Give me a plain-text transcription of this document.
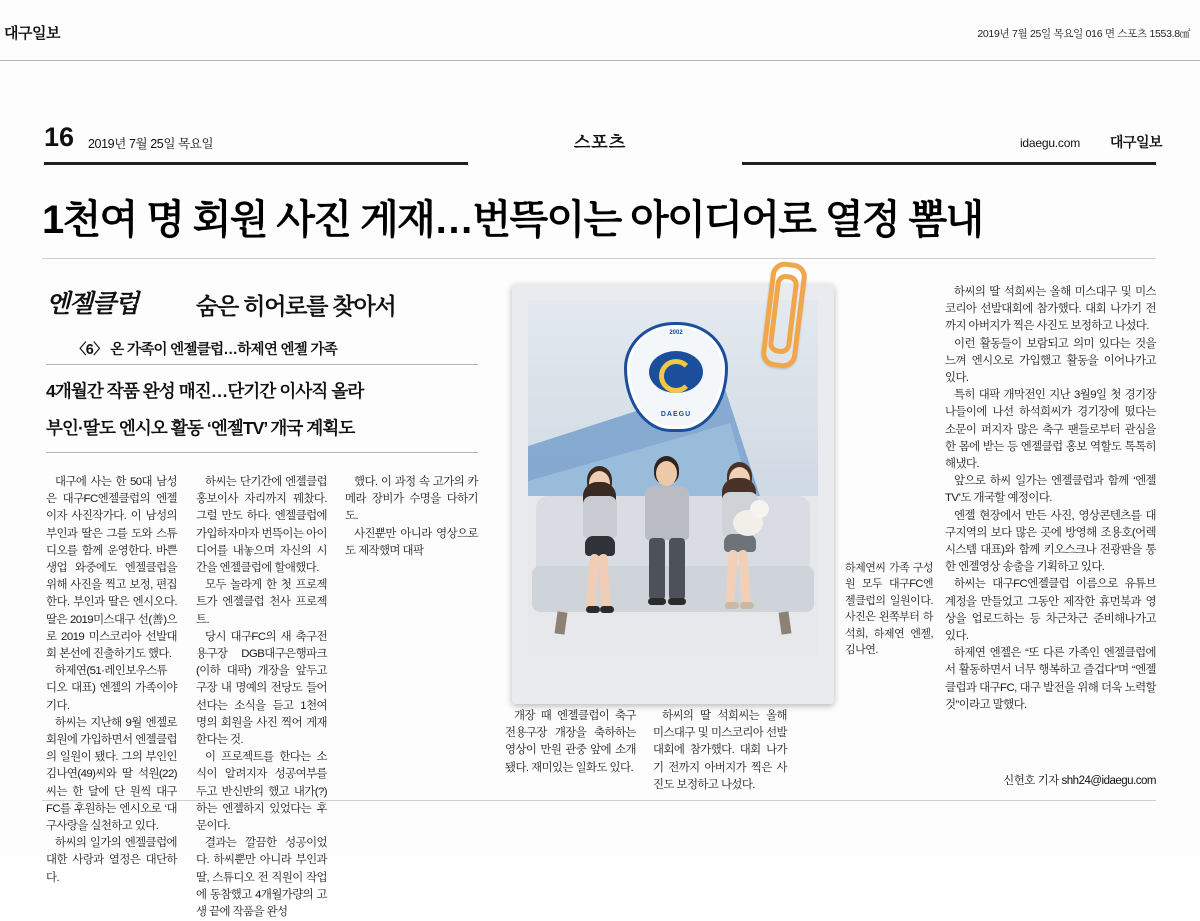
대구일보	2019년 7월 25일 목요일 016 면 스포츠 1553.8㎠
16 2019년 7월 25일 목요일	스포츠	idaegu.com 대구일보
1천여 명 회원 사진 게재…번뜩이는 아이디어로 열정 뽐내
엔젤클럽	숨은 히어로를 찾아서
〈6〉 온 가족이 엔젤클럽…하제연 엔젤 가족
4개월간 작품 완성 매진…단기간 이사직 올라
부인·딸도 엔시오 활동 ‘엔젤TV’ 개국 계획도

대구에 사는 한 50대 남성은 대구FC엔젤클럽의 엔젤이자 사진작가다. 이 남성의 부인과 딸은 그를 도와 스튜디오를 함께 운영한다. 바쁜 생업 와중에도 엔젤클럽을 위해 사진을 찍고 보정, 편집한다. 부인과 딸은 엔시오다. 딸은 2019미스대구 선(善)으로 2019 미스코리아 선발대회 본선에 진출하기도 했다.

하제연(51·레인보우스튜디오 대표) 엔젤의 가족이야기다.

하씨는 지난해 9월 엔젤로 회원에 가입하면서 엔젤클럽의 일원이 됐다. 그의 부인인 김나연(49)씨와 딸 석원(22)씨는 한 달에 단 원씩 대구FC를 후원하는 엔시오로 ‘대구사랑을 실천하고 있다.

하씨의 일가의 엔젤클럽에 대한 사랑과 열정은 대단하다.

하씨는 단기간에 엔젤클럽 홍보이사 자리까지 꿰찼다. 그럴 만도 하다. 엔젤클럽에 가입하자마자 번뜩이는 아이디어를 내놓으며 자신의 시간을 엔젤클럽에 할애했다.

모두 놀라게 한 첫 프로젝트가 엔젤클럽 천사 프로젝트.

당시 대구FC의 새 축구전용구장 DGB대구은행파크(이하 대팍) 개장을 앞두고 구장 내 명예의 전당도 들어선다는 소식을 듣고 1천여 명의 회원을 사진 찍어 게재한다는 것.

이 프로젝트를 한다는 소식이 알려지자 성공여부를 두고 반신반의 했고 내가(?)하는 엔젤하지 있었다는 후문이다.

결과는 깔끔한 성공이었다. 하씨뿐만 아니라 부인과 딸, 스튜디오 전 직원이 작업에 동참했고 4개월가량의 고생 끝에 작품을 완성

했다. 이 과정 속 고가의 카메라 장비가 수명을 다하기도.

사진뿐만 아니라 영상으로도 제작했며 대팍

개장 때 엔젤클럽이 축구전용구장 개장을 축하하는 영상이 만원 관중 앞에 소개됐다. 재미있는 일화도 있다.

하씨의 딸 석희씨는 올해 미스대구 및 미스코리아 선발대회에 참가했다. 대회 나가기 전까지 아버지가 찍은 사진도 보정하고 나섰다.

하씨의 딸 석희씨는 올해 미스대구 및 미스코리아 선발대회에 참가했다. 대회 나가기 전까지 아버지가 찍은 사진도 보정하고 나섰다.

이런 활동들이 보람되고 의미 있다는 것을 느껴 엔시오로 가입했고 활동을 이어나가고 있다.

특히 대팍 개막전인 지난 3월9일 첫 경기장 나들이에 나선 하석희씨가 경기장에 떴다는 소문이 퍼지자 많은 축구 팬들로부터 관심을 한 몸에 받는 등 엔젤클럽 홍보 역할도 톡톡히 해냈다.

앞으로 하씨 일가는 엔젤클럽과 함께 ‘엔젤TV’도 개국할 예정이다.

엔젤 현장에서 만든 사진, 영상콘텐츠를 대구지역의 보다 많은 곳에 방영해 조용호(어렉시스템 대표)와 함께 키오스크나 전광판을 통한 엔젤영상 송출을 기획하고 있다.

하씨는 대구FC엔젤클럽 이름으로 유튜브 계정을 만들었고 그동안 제작한 휴먼북과 영상을 업로드하는 등 차근차근 준비해나가고 있다.

하제연 엔젤은 “또 다른 가족인 엔젤클럽에서 활동하면서 너무 행복하고 즐겁다”며 “엔젤클럽과 대구FC, 대구 발전을 위해 더욱 노력할 것”이라고 말했다.

2002
DAEGU
하제연씨 가족 구성원 모두 대구FC엔젤클럽의 일원이다. 사진은 왼쪽부터 하석희, 하제연 엔젤, 김나연.
신헌호 기자 shh24@idaegu.com
